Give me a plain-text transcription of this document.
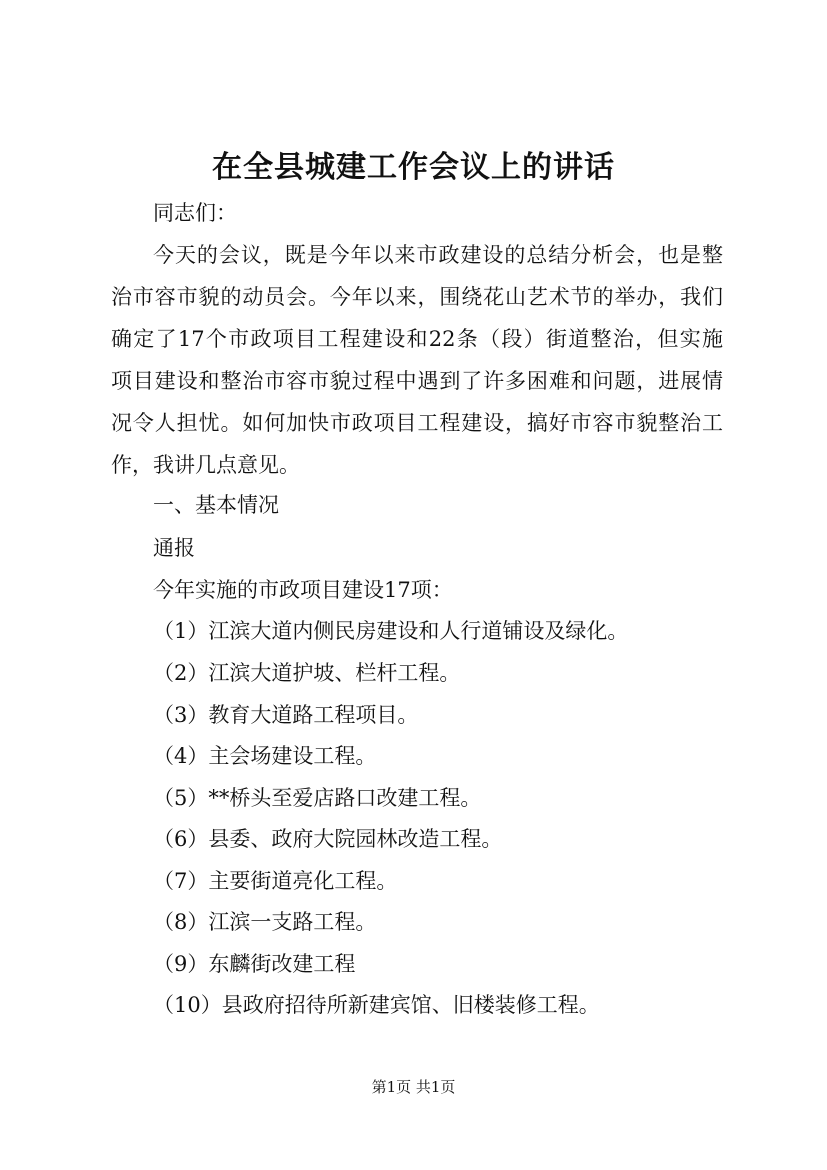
在全县城建工作会议上的讲话
同志们：
今天的会议，既是今年以来市政建设的总结分析会，也是整
治市容市貌的动员会。今年以来，围绕花山艺术节的举办，我们
确定了17个市政项目工程建设和22条（段）街道整治，但实施
项目建设和整治市容市貌过程中遇到了许多困难和问题，进展情
况令人担忧。如何加快市政项目工程建设，搞好市容市貌整治工
作，我讲几点意见。
一、基本情况
通报
今年实施的市政项目建设17项：
（1）江滨大道内侧民房建设和人行道铺设及绿化。
（2）江滨大道护坡、栏杆工程。
（3）教育大道路工程项目。
（4）主会场建设工程。
（5）**桥头至爱店路口改建工程。
（6）县委、政府大院园林改造工程。
（7）主要街道亮化工程。
（8）江滨一支路工程。
（9）东麟街改建工程
（10）县政府招待所新建宾馆、旧楼装修工程。
第1页 共1页
